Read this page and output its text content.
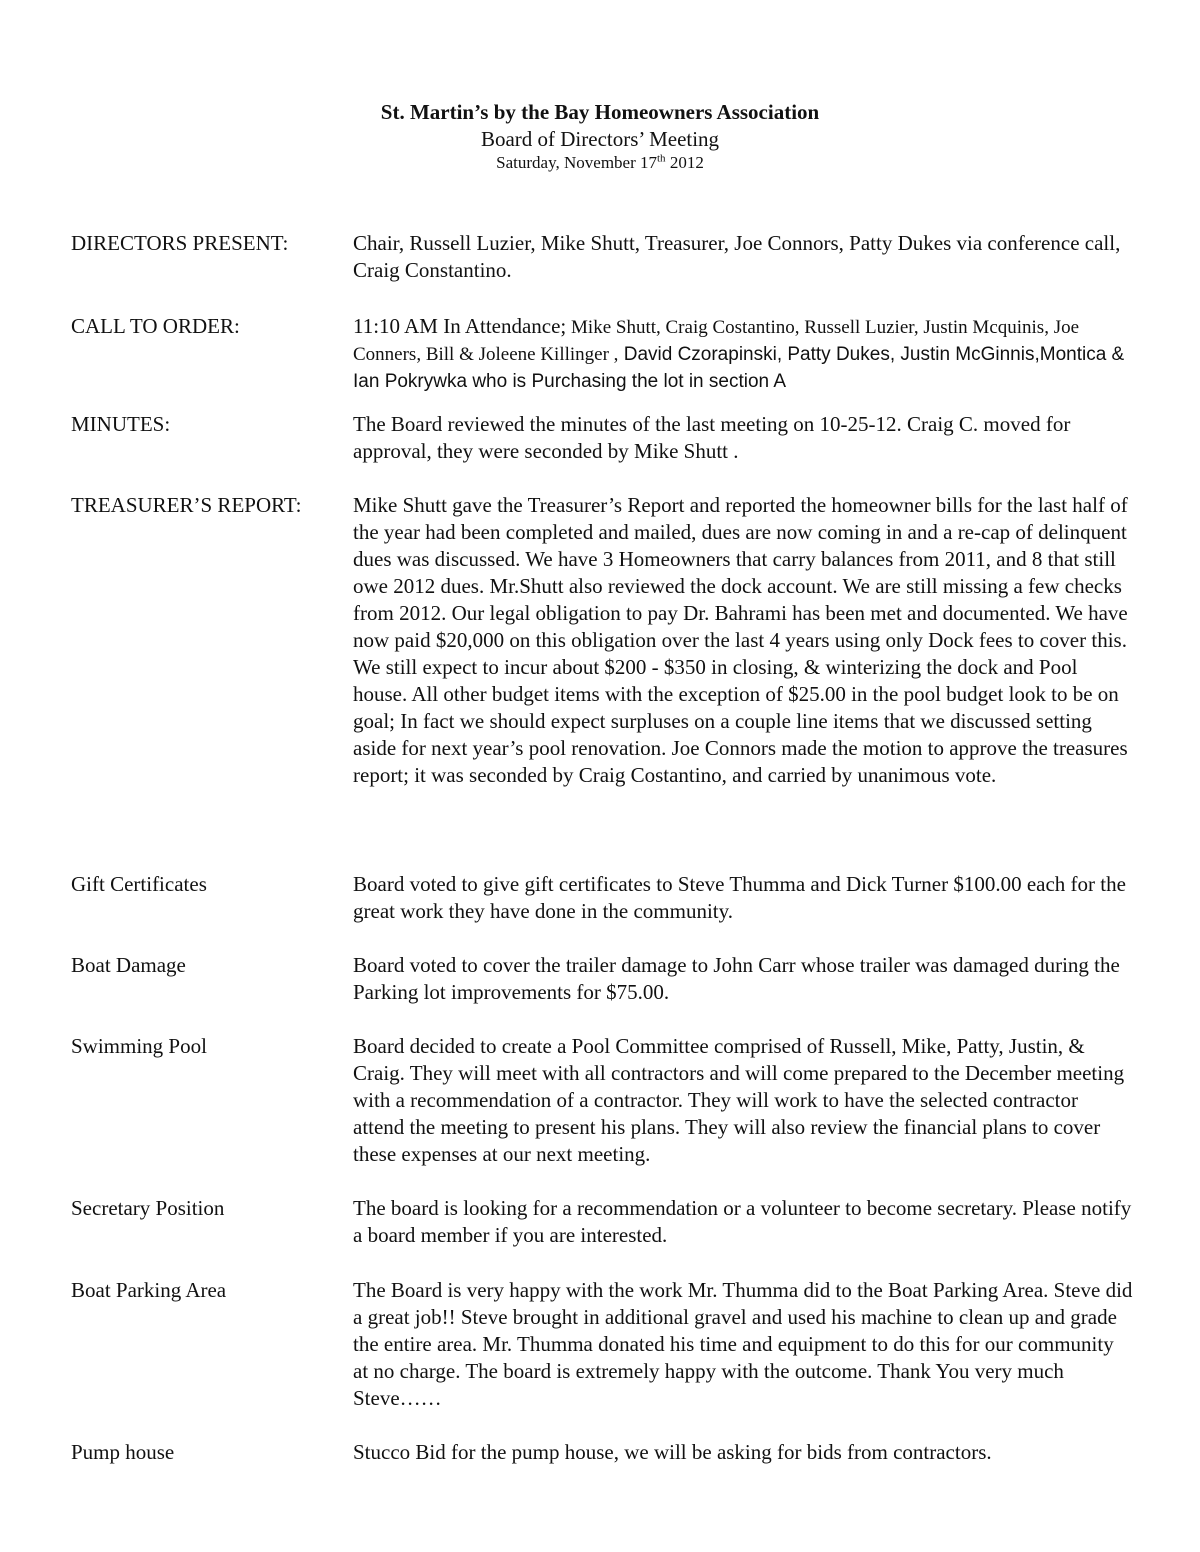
St. Martin’s by the Bay Homeowners Association
Board of Directors’ Meeting
Saturday, November 17th 2012
DIRECTORS PRESENT:	Chair, Russell Luzier, Mike Shutt, Treasurer, Joe Connors, Patty Dukes via conference call, Craig Constantino.
CALL TO ORDER:	11:10 AM In Attendance; Mike Shutt, Craig Costantino, Russell Luzier, Justin Mcquinis, Joe Conners, Bill & Joleene Killinger , David Czorapinski, Patty Dukes, Justin McGinnis,Montica & Ian Pokrywka who is Purchasing the lot in section A
MINUTES:	The Board reviewed the minutes of the last meeting on 10-25-12. Craig C. moved for approval, they were seconded by Mike Shutt .
TREASURER’S REPORT:	Mike Shutt gave the Treasurer’s Report and reported the homeowner bills for the last half of the year had been completed and mailed, dues are now coming in and a re-cap of delinquent dues was discussed. We have 3 Homeowners that carry balances from 2011, and 8 that still owe 2012 dues. Mr.Shutt also reviewed the dock account. We are still missing a few checks from 2012. Our legal obligation to pay Dr. Bahrami has been met and documented. We have now paid $20,000 on this obligation over the last 4 years using only Dock fees to cover this. We still expect to incur about $200 - $350 in closing, & winterizing the dock and Pool house. All other budget items with the exception of $25.00 in the pool budget look to be on goal; In fact we should expect surpluses on a couple line items that we discussed setting aside for next year’s pool renovation. Joe Connors made the motion to approve the treasures report; it was seconded by Craig Costantino, and carried by unanimous vote.
Gift Certificates	Board voted to give gift certificates to Steve Thumma and Dick Turner $100.00 each for the great work they have done in the community.
Boat Damage	Board voted to cover the trailer damage to John Carr whose trailer was damaged during the Parking lot improvements for $75.00.
Swimming Pool	Board decided to create a Pool Committee comprised of Russell, Mike, Patty, Justin, & Craig. They will meet with all contractors and will come prepared to the December meeting with a recommendation of a contractor. They will work to have the selected contractor attend the meeting to present his plans. They will also review the financial plans to cover these expenses at our next meeting.
Secretary Position	The board is looking for a recommendation or a volunteer to become secretary. Please notify a board member if you are interested.
Boat Parking Area	The Board is very happy with the work Mr. Thumma did to the Boat Parking Area. Steve did a great job!! Steve brought in additional gravel and used his machine to clean up and grade the entire area. Mr. Thumma donated his time and equipment to do this for our community at no charge. The board is extremely happy with the outcome. Thank You very much Steve……
Pump house	Stucco Bid for the pump house, we will be asking for bids from contractors.
